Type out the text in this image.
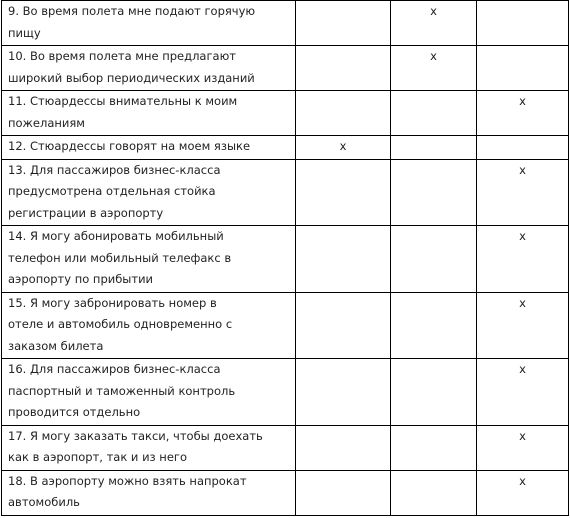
9. Во время полета мне подают горячую
пищу		x	

10. Во время полета мне предлагают
широкий выбор периодических изданий		x	

11. Стюардессы внимательны к моим
пожеланиям			x

12. Стюардессы говорят на моем языке	x		

13. Для пассажиров бизнес-класса
предусмотрена отдельная стойка
регистрации в аэропорту			x

14. Я могу абонировать мобильный
телефон или мобильный телефакс в
аэропорту по прибытии			x

15. Я могу забронировать номер в
отеле и автомобиль одновременно с
заказом билета			x

16. Для пассажиров бизнес-класса
паспортный и таможенный контроль
проводится отдельно			x

17. Я могу заказать такси, чтобы доехать
как в аэропорт, так и из него			x

18. В аэропорту можно взять напрокат
автомобиль			x
